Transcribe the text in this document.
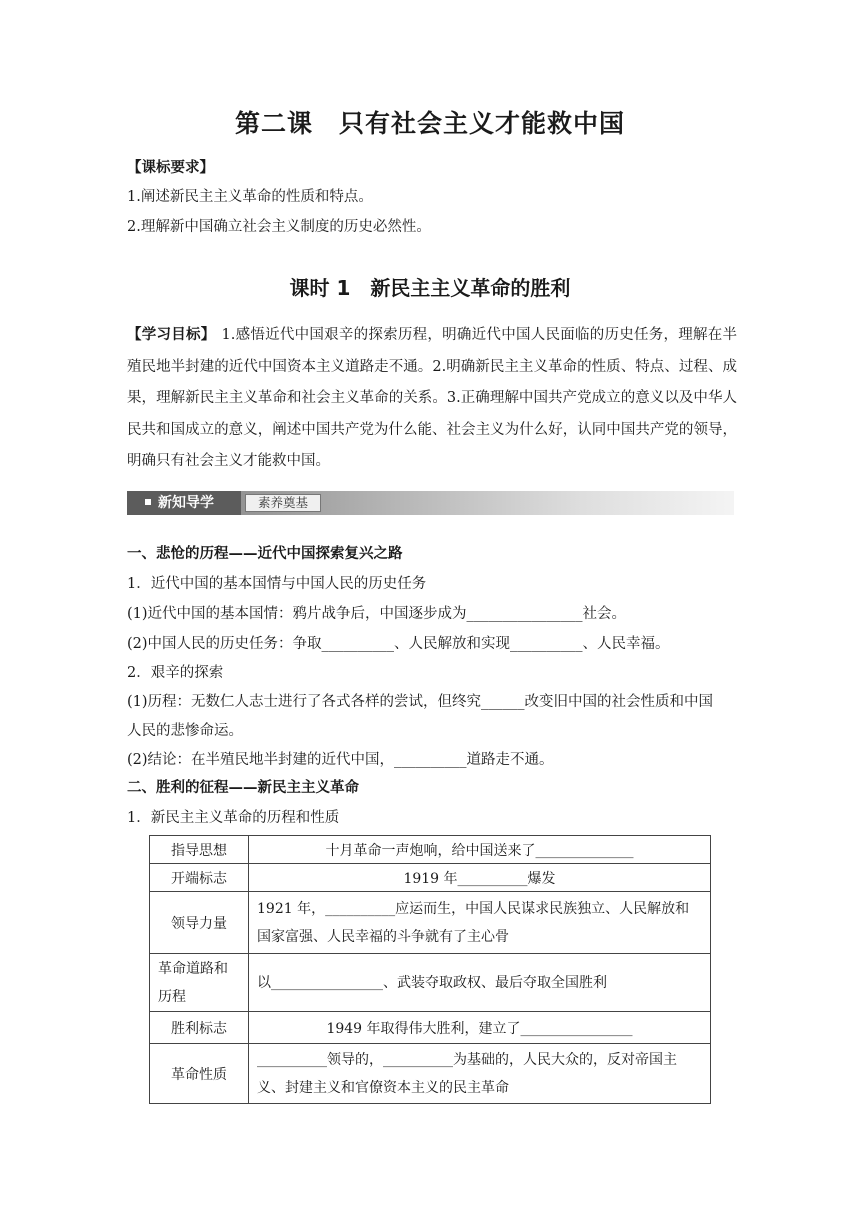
第二课　只有社会主义才能救中国
【课标要求】
1.阐述新民主主义革命的性质和特点。
2.理解新中国确立社会主义制度的历史必然性。
课时 1　新民主主义革命的胜利
【学习目标】 1.感悟近代中国艰辛的探索历程，明确近代中国人民面临的历史任务，理解在半殖民地半封建的近代中国资本主义道路走不通。2.明确新民主主义革命的性质、特点、过程、成果，理解新民主主义革命和社会主义革命的关系。3.正确理解中国共产党成立的意义以及中华人民共和国成立的意义，阐述中国共产党为什么能、社会主义为什么好，认同中国共产党的领导，明确只有社会主义才能救中国。
新知导学	素养奠基
一、悲怆的历程——近代中国探索复兴之路
1．近代中国的基本国情与中国人民的历史任务
(1)近代中国的基本国情：鸦片战争后，中国逐步成为________________社会。
(2)中国人民的历史任务：争取__________、人民解放和实现__________、人民幸福。
2．艰辛的探索
(1)历程：无数仁人志士进行了各式各样的尝试，但终究______改变旧中国的社会性质和中国
人民的悲惨命运。
(2)结论：在半殖民地半封建的近代中国，__________道路走不通。
二、胜利的征程——新民主主义革命
1．新民主主义革命的历程和性质
指导思想	十月革命一声炮响，给中国送来了______________
开端标志	1919 年__________爆发
领导力量	1921 年，__________应运而生，中国人民谋求民族独立、人民解放和国家富强、人民幸福的斗争就有了主心骨
革命道路和历程	以________________、武装夺取政权、最后夺取全国胜利
胜利标志	1949 年取得伟大胜利，建立了________________
革命性质	__________领导的，__________为基础的，人民大众的，反对帝国主义、封建主义和官僚资本主义的民主革命
